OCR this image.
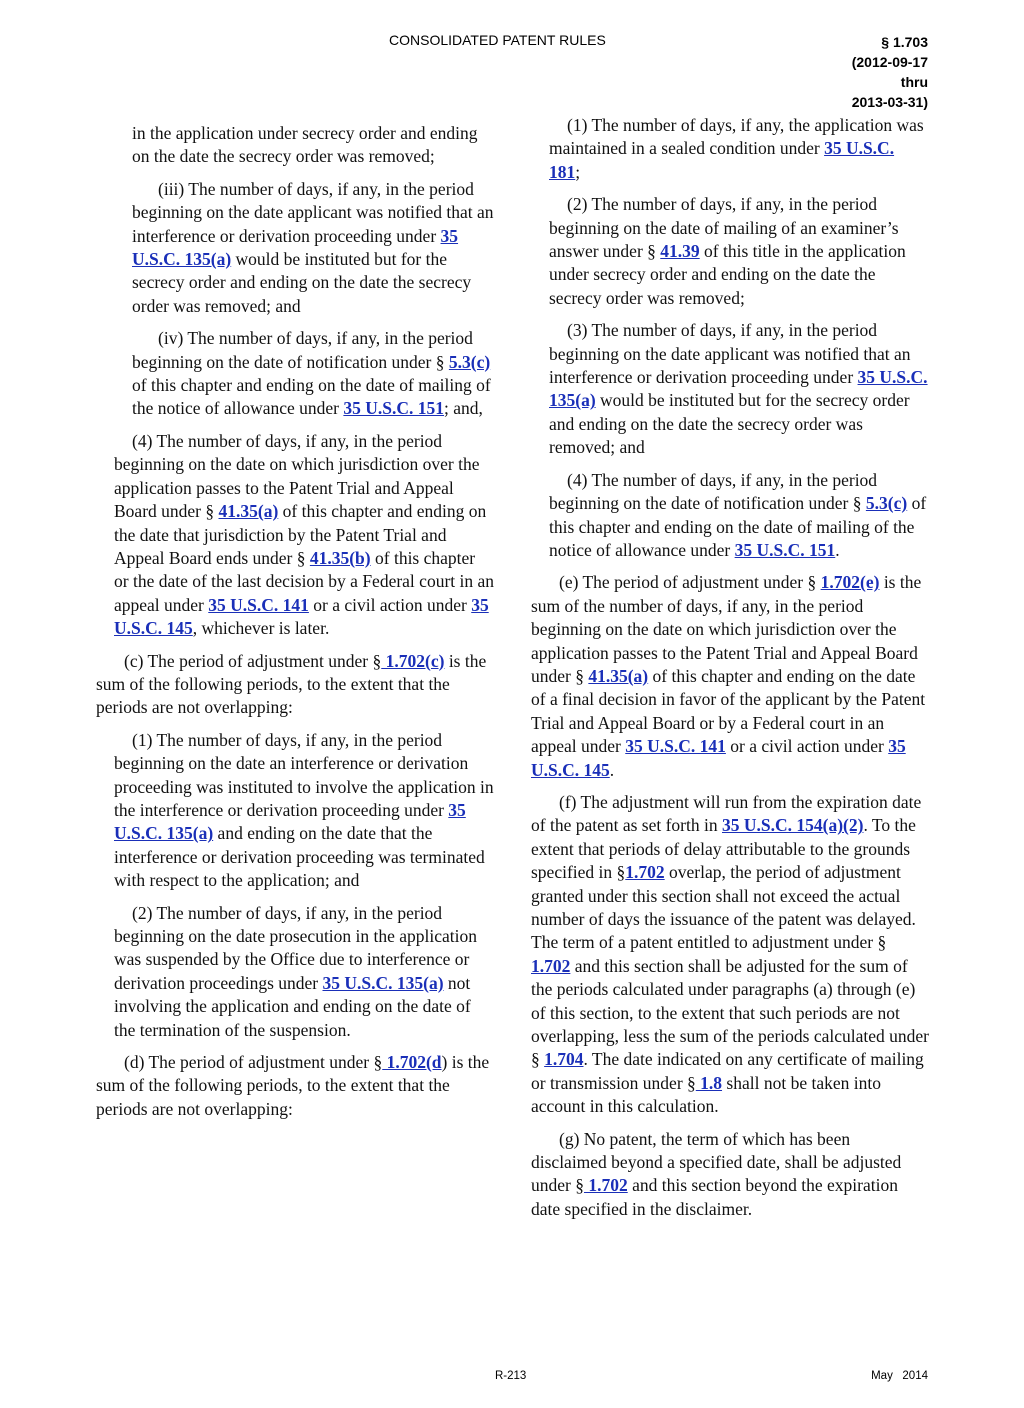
CONSOLIDATED PATENT RULES	§ 1.703
(2012-09-17
thru
2013-03-31)

in the application under secrecy order and ending on the date the secrecy order was removed;

(iii) The number of days, if any, in the period beginning on the date applicant was notified that an interference or derivation proceeding under 35 U.S.C. 135(a) would be instituted but for the secrecy order and ending on the date the secrecy order was removed; and

(iv) The number of days, if any, in the period beginning on the date of notification under § 5.3(c) of this chapter and ending on the date of mailing of the notice of allowance under 35 U.S.C. 151; and,

(4) The number of days, if any, in the period beginning on the date on which jurisdiction over the application passes to the Patent Trial and Appeal Board under § 41.35(a) of this chapter and ending on the date that jurisdiction by the Patent Trial and Appeal Board ends under § 41.35(b) of this chapter or the date of the last decision by a Federal court in an appeal under 35 U.S.C. 141 or a civil action under 35 U.S.C. 145, whichever is later.

(c) The period of adjustment under § 1.702(c) is the sum of the following periods, to the extent that the periods are not overlapping:

(1) The number of days, if any, in the period beginning on the date an interference or derivation proceeding was instituted to involve the application in the interference or derivation proceeding under 35 U.S.C. 135(a) and ending on the date that the interference or derivation proceeding was terminated with respect to the application; and

(2) The number of days, if any, in the period beginning on the date prosecution in the application was suspended by the Office due to interference or derivation proceedings under 35 U.S.C. 135(a) not involving the application and ending on the date of the termination of the suspension.

(d) The period of adjustment under § 1.702(d) is the sum of the following periods, to the extent that the periods are not overlapping:

(1) The number of days, if any, the application was maintained in a sealed condition under 35 U.S.C. 181;

(2) The number of days, if any, in the period beginning on the date of mailing of an examiner’s answer under § 41.39 of this title in the application under secrecy order and ending on the date the secrecy order was removed;

(3) The number of days, if any, in the period beginning on the date applicant was notified that an interference or derivation proceeding under 35 U.S.C. 135(a) would be instituted but for the secrecy order and ending on the date the secrecy order was removed; and

(4) The number of days, if any, in the period beginning on the date of notification under § 5.3(c) of this chapter and ending on the date of mailing of the notice of allowance under 35 U.S.C. 151.

(e) The period of adjustment under § 1.702(e) is the sum of the number of days, if any, in the period beginning on the date on which jurisdiction over the application passes to the Patent Trial and Appeal Board under § 41.35(a) of this chapter and ending on the date of a final decision in favor of the applicant by the Patent Trial and Appeal Board or by a Federal court in an appeal under 35 U.S.C. 141 or a civil action under 35 U.S.C. 145.

(f) The adjustment will run from the expiration date of the patent as set forth in 35 U.S.C. 154(a)(2). To the extent that periods of delay attributable to the grounds specified in §1.702 overlap, the period of adjustment granted under this section shall not exceed the actual number of days the issuance of the patent was delayed. The term of a patent entitled to adjustment under § 1.702 and this section shall be adjusted for the sum of the periods calculated under paragraphs (a) through (e) of this section, to the extent that such periods are not overlapping, less the sum of the periods calculated under § 1.704. The date indicated on any certificate of mailing or transmission under § 1.8 shall not be taken into account in this calculation.

(g) No patent, the term of which has been disclaimed beyond a specified date, shall be adjusted under § 1.702 and this section beyond the expiration date specified in the disclaimer.

R-213	May   2014
